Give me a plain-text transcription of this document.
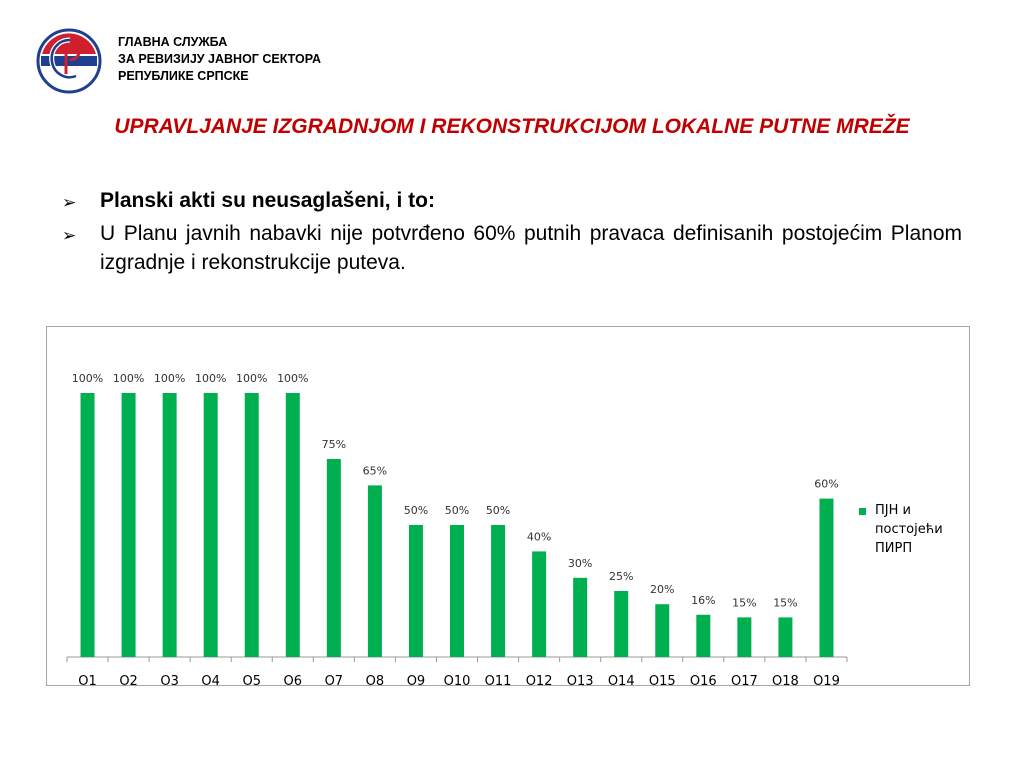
ГЛАВНА СЛУЖБА
ЗА РЕВИЗИЈУ ЈАВНОГ СЕКТОРА
РЕПУБЛИКЕ СРПСКЕ
UPRAVLJANJE IZGRADNJOM I REKONSTRUKCIJOM LOKALNE PUTNE MREŽE
➢	Planski akti su neusaglašeni, i to:
➢	U Planu javnih nabavki nije potvrđeno 60% putnih pravaca definisanih postojećim Planom izgradnje i rekonstrukcije puteva.
100%
O1
100%
O2
100%
O3
100%
O4
100%
O5
100%
O6
75%
O7
65%
O8
50%
O9
50%
O10
50%
O11
40%
O12
30%
O13
25%
O14
20%
O15
16%
O16
15%
O17
15%
O18
60%
O19
ПЈН и постојећи ПИРП
